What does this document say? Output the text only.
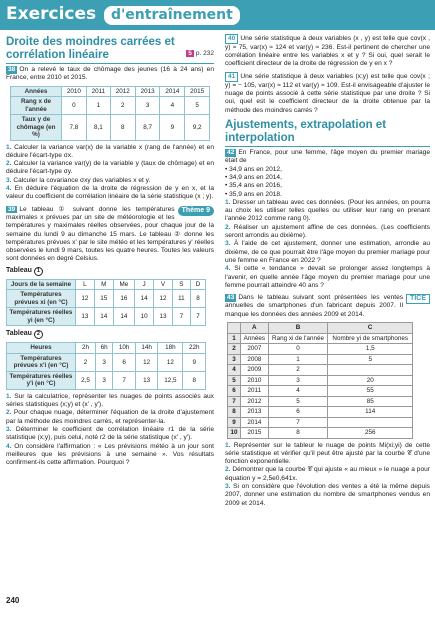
Exercices	d'entraînement
Droite des moindres carrées et corrélation linéaire	5 p. 232

38 On a relevé le taux de chômage des jeunes (16 à 24 ans) en France, entre 2010 et 2015.

Années	2010	2011	2012	2013	2014	2015
Rang x de l'année	0	1	2	3	4	5
Taux y de chômage (en %)	7,8	8,1	8	8,7	9	9,2

1. Calculer la variance var(x) de la variable x (rang de l'année) et en déduire l'écart-type σx.

2. Calculer la variance var(y) de la variable y (taux de chômage) et en déduire l'écart-type σy.

3. Calculer la covariance σxy des variables x et y.

4. En déduire l'équation de la droite de régression de y en x, et la valeur du coefficient de corrélation linéaire de la série statistique (x ; y).

39	Thème 9
Le tableau ① suivant donne les températures maximales x prévues par un site de météorologie et les températures y maximales réelles observées, pour chaque jour de la semaine du lundi 9 au dimanche 15 mars. Le tableau ② donne les températures prévues x' par le site météo et les températures y' réelles observées le lundi 9 mars, toutes les quatre heures. Toutes les valeurs sont données en degré Celsius.

Tableau 1
Jours de la semaine	L	M	Me	J	V	S	D
Températures prévues xi (en °C)	12	15	16	14	12	11	8
Températures réelles yi (en °C)	13	14	14	10	13	7	7
Tableau 2
Heures	2h	6h	10h	14h	18h	22h
Températures prévues x'i (en °C)	2	3	6	12	12	9
Températures réelles y'i (en °C)	2,5	3	7	13	12,5	8

1. Sur la calculatrice, représenter les nuages de points associés aux séries statistiques (x;y) et (x' , y').

2. Pour chaque nuage, déterminer l'équation de la droite d'ajustement par la méthode des moindres carrés, et représenter-la.

3. Déterminer le coefficient de corrélation linéaire r1 de la série statistique (x;y), puis celui, noté r2 de la série statistique (x' , y').

4. On considère l'affirmation : « Les prévisions météo à un jour sont meilleures que les prévisions à une semaine ». Vos résultats confirment-ils cette affirmation. Pourquoi ?

40 Une série statistique à deux variables (x , y) est telle que cov(x , y) ≈ 75, var(x) ≈ 124 et var(y) ≈ 236. Est-il pertinent de chercher une corrélation linéaire entre les variables x et y ? Si oui, quel serait le coefficient directeur de la droite de régression de y en x ?

41 Une série statistique à deux variables (x;y) est telle que cov(x ; y) = − 105, var(x) ≈ 112 et var(y) ≈ 109. Est-il envisageable d'ajuster le nuage de points associé à cette série statistique par une droite ? Si oui, quel est le coefficient directeur de la droite obtenue par la méthode des moindres carrés ?

Ajustements, extrapolation et interpolation

42 En France, pour une femme, l'âge moyen du premier mariage était de

• 34,9 ans en 2012,

• 34,9 ans en 2014,

• 35,4 ans en 2016,

• 35,9 ans en 2018.

1. Dresser un tableau avec ces données. (Pour les années, on pourra au choix les utiliser telles quelles ou utiliser leur rang en prenant l'année 2012 comme rang 0).

2. Réaliser un ajustement affine de ces données. (Les coefficients seront arrondis au dixième).

3. À l'aide de cet ajustement, donner une estimation, arrondie au dixième, de ce que pourrait être l'âge moyen du premier mariage pour une femme en France en 2022 ?

4. Si cette « tendance » devait se prolonger assez longtemps à l'avenir, en quelle année l'âge moyen du premier mariage pour une femme pourrait atteindre 40 ans ?

43	TICE
Dans le tableau suivant sont présentées les ventes annuelles de smartphones d'un fabricant depuis 2007. Il manque les données des années 2009 et 2014.

	A	B	C
1	Années	Rang xi de l'année	Nombre yi de smartphones
2	2007	0	1,5
3	2008	1	5
4	2009	2	
5	2010	3	20
6	2011	4	55
7	2012	5	85
8	2013	6	114
9	2014	7	
10	2015	8	256

1. Représenter sur le tableur le nuage de points Mi(xi;yi) de cette série statistique et vérifier qu'il peut être ajusté par la courbe 𝒞 d'une fonction exponentielle.

2. Démontrer que la courbe 𝒞 qui ajuste « au mieux » le nuage a pour équation y = 2,5e0,641x.

3. Si on considère que l'évolution des ventes a été la même depuis 2007, donner une estimation du nombre de smartphones vendus en 2009 et 2014.

240
